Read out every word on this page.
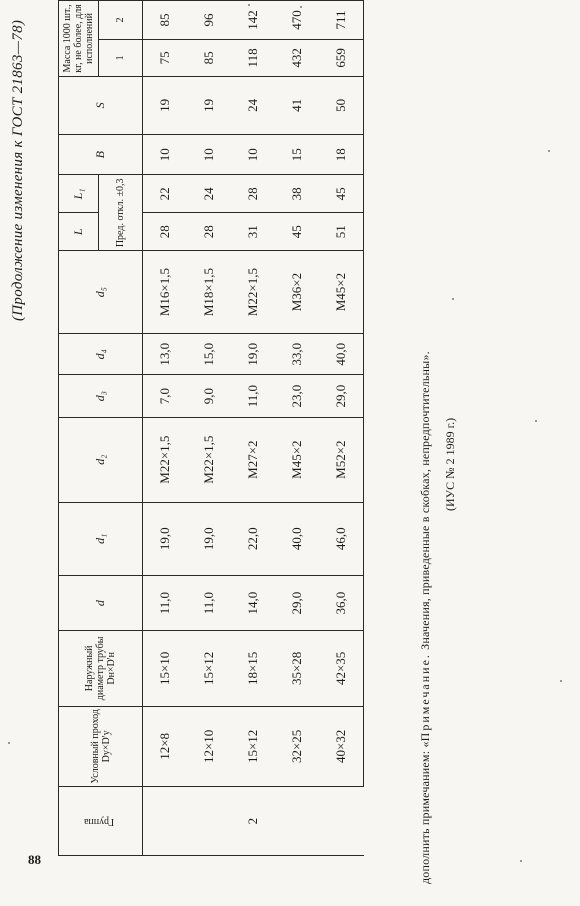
88
(Продолжение изменения к ГОСТ 21863—78)
Группа	Условный проход Dу×D'у	Наружный диаметр трубы Dн×D'н	d	d₁	d₂	d₃	d₄	d₅	L	L₁	B	S	Масса 1000 шт., кг, не более, для исполнений	
									Пред. откл. ±0,3				1	2
2	12×8	15×10	11,0	19,0	M22×1,5	7,0	13,0	M16×1,5	28	22	10	19	75	85
	12×10	15×12	11,0	19,0	M22×1,5	9,0	15,0	M18×1,5	28	24	10	19	85	96
	15×12	18×15	14,0	22,0	M27×2	11,0	19,0	M22×1,5	31	28	10	24	118	142
	32×25	35×28	29,0	40,0	M45×2	23,0	33,0	M36×2	45	38	15	41	432	470
	40×32	42×35	36,0	46,0	M52×2	29,0	40,0	M45×2	51	45	18	50	659	711
дополнить примечанием: «Примечание. Значения, приведенные в скобках, непредпочтительны». (ИУС № 2 1989 г.)
